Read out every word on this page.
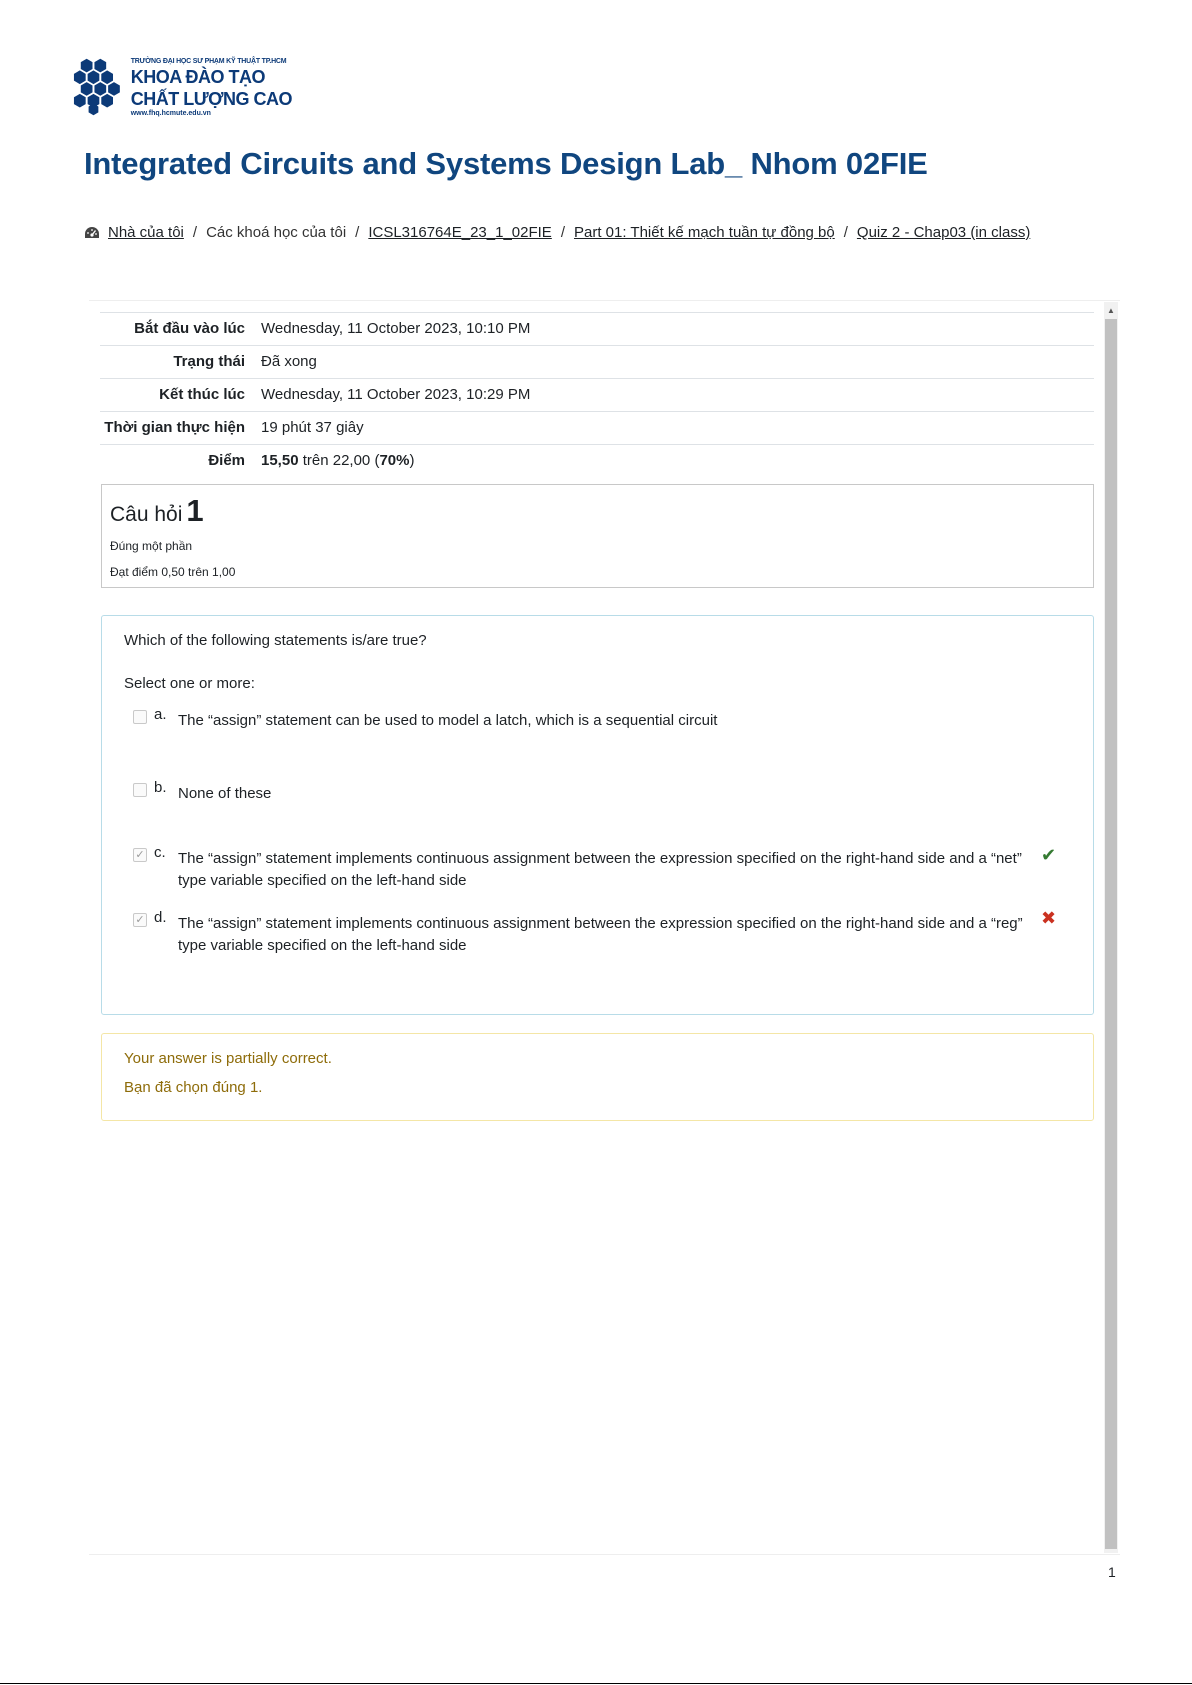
TRƯỜNG ĐẠI HỌC SƯ PHẠM KỸ THUẬT TP.HCM
KHOA ĐÀO TẠO
CHẤT LƯỢNG CAO
www.fhq.hcmute.edu.vn
Integrated Circuits and Systems Design Lab_ Nhom 02FIE
Nhà của tôi / Các khoá học của tôi / ICSL316764E_23_1_02FIE / Part 01: Thiết kế mạch tuần tự đồng bộ / Quiz 2 - Chap03 (in class)
▲
Bắt đầu vào lúc	Wednesday, 11 October 2023, 10:10 PM
Trạng thái	Đã xong
Kết thúc lúc	Wednesday, 11 October 2023, 10:29 PM
Thời gian thực hiện	19 phút 37 giây
Điểm	15,50 trên 22,00 (70%)
Câu hỏi 1
Đúng một phần
Đạt điểm 0,50 trên 1,00
Which of the following statements is/are true?
Select one or more:
a. The “assign” statement can be used to model a latch, which is a sequential circuit
b. None of these
✓ c. The “assign” statement implements continuous assignment between the expression specified on the right-hand side and a “net” type variable specified on the left-hand side
✔
✓ d. The “assign” statement implements continuous assignment between the expression specified on the right-hand side and a “reg” type variable specified on the left-hand side
✖
Your answer is partially correct.
Bạn đã chọn đúng 1.
1
